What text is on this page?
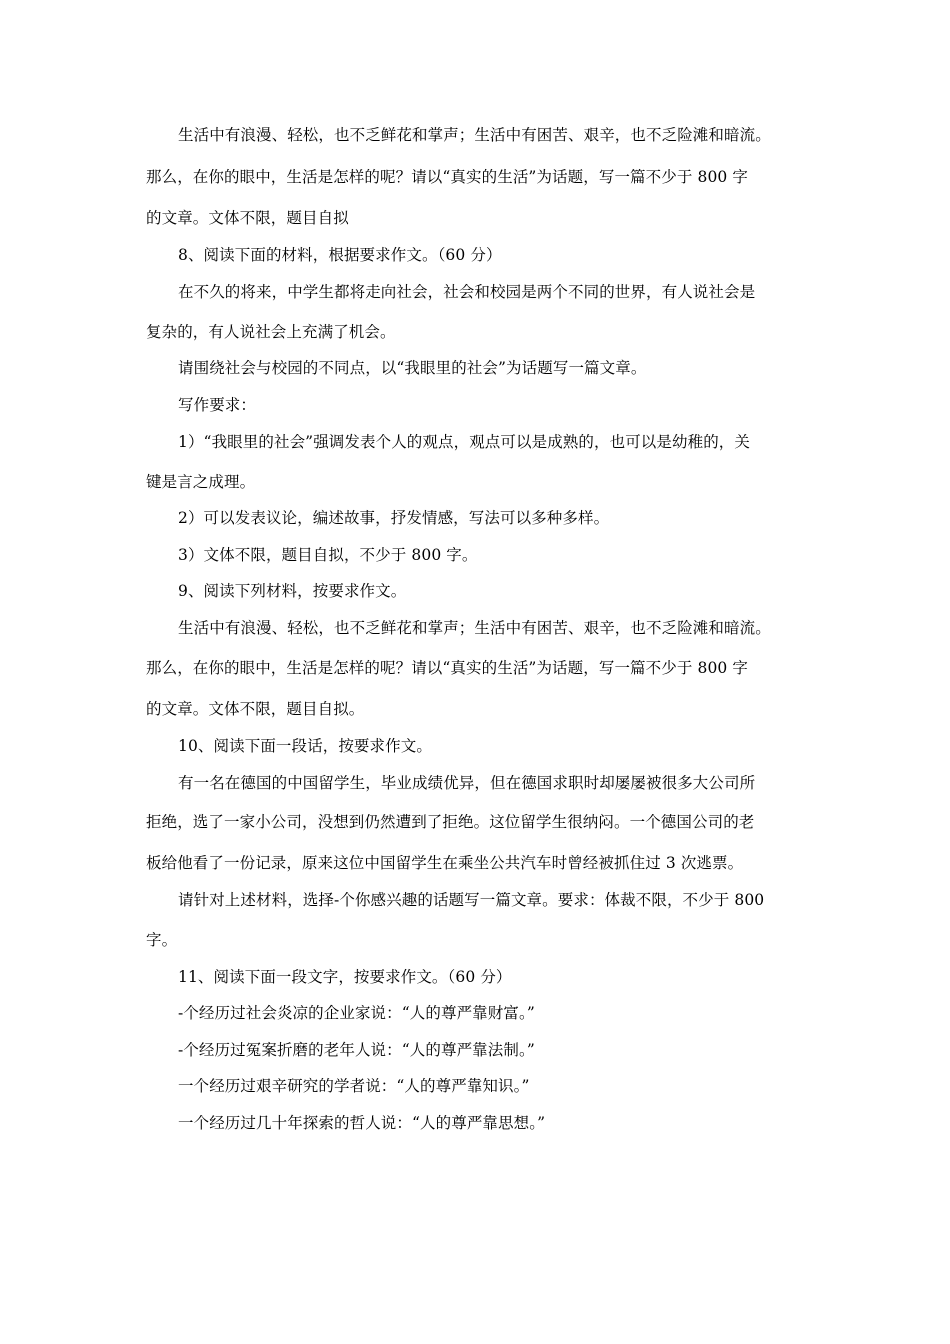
生活中有浪漫、轻松，也不乏鲜花和掌声；生活中有困苦、艰辛，也不乏险滩和暗流。
那么，在你的眼中，生活是怎样的呢？请以“真实的生活”为话题，写一篇不少于 800 字
的文章。文体不限，题目自拟
8、阅读下面的材料，根据要求作文。（60 分）
在不久的将来，中学生都将走向社会，社会和校园是两个不同的世界，有人说社会是
复杂的，有人说社会上充满了机会。
请围绕社会与校园的不同点，以“我眼里的社会”为话题写一篇文章。
写作要求：
1）“我眼里的社会”强调发表个人的观点，观点可以是成熟的，也可以是幼稚的，关
键是言之成理。
2）可以发表议论，编述故事，抒发情感，写法可以多种多样。
3）文体不限，题目自拟，不少于 800 字。
9、阅读下列材料，按要求作文。
生活中有浪漫、轻松，也不乏鲜花和掌声；生活中有困苦、艰辛，也不乏险滩和暗流。
那么，在你的眼中，生活是怎样的呢？请以“真实的生活”为话题，写一篇不少于 800 字
的文章。文体不限，题目自拟。
10、阅读下面一段话，按要求作文。
有一名在德国的中国留学生，毕业成绩优异，但在德国求职时却屡屡被很多大公司所
拒绝，选了一家小公司，没想到仍然遭到了拒绝。这位留学生很纳闷。一个德国公司的老
板给他看了一份记录，原来这位中国留学生在乘坐公共汽车时曾经被抓住过 3 次逃票。
请针对上述材料，选择-个你感兴趣的话题写一篇文章。要求：体裁不限，不少于 800
字。
11、阅读下面一段文字，按要求作文。（60 分）
-个经历过社会炎凉的企业家说：“人的尊严靠财富。”
-个经历过冤案折磨的老年人说：“人的尊严靠法制。”
一个经历过艰辛研究的学者说：“人的尊严靠知识。”
一个经历过几十年探索的哲人说：“人的尊严靠思想。”
